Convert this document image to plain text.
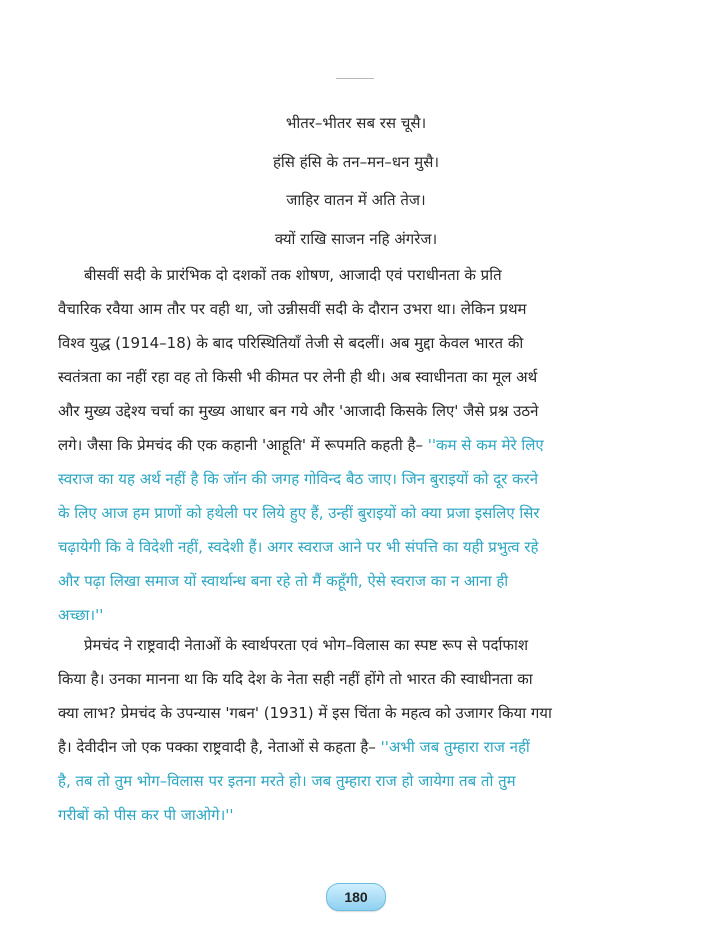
भीतर–भीतर सब रस चूसै।
हंसि हंसि के तन–मन–धन मुसै।
जाहिर वातन में अति तेज।
क्यों राखि साजन नहि अंगरेज।
बीसवीं सदी के प्रारंभिक दो दशकों तक शोषण, आजादी एवं पराधीनता के प्रति
वैचारिक रवैया आम तौर पर वही था, जो उन्नीसवीं सदी के दौरान उभरा था। लेकिन प्रथम
विश्व युद्ध (1914–18) के बाद परिस्थितियाँ तेजी से बदलीं। अब मुद्दा केवल भारत की
स्वतंत्रता का नहीं रहा वह तो किसी भी कीमत पर लेनी ही थी। अब स्वाधीनता का मूल अर्थ
और मुख्य उद्देश्य चर्चा का मुख्य आधार बन गये और 'आजादी किसके लिए' जैसे प्रश्न उठने
लगे। जैसा कि प्रेमचंद की एक कहानी 'आहूति' में रूपमति कहती है– ''कम से कम मेरे लिए
स्वराज का यह अर्थ नहीं है कि जॉन की जगह गोविन्द बैठ जाए। जिन बुराइयों को दूर करने
के लिए आज हम प्राणों को हथेली पर लिये हुए हैं, उन्हीं बुराइयों को क्या प्रजा इसलिए सिर
चढ़ायेगी कि वे विदेशी नहीं, स्वदेशी हैं। अगर स्वराज आने पर भी संपत्ति का यही प्रभुत्व रहे
और पढ़ा लिखा समाज यों स्वार्थान्ध बना रहे तो मैं कहूँगी, ऐसे स्वराज का न आना ही
अच्छा।''
प्रेमचंद ने राष्ट्रवादी नेताओं के स्वार्थपरता एवं भोग–विलास का स्पष्ट रूप से पर्दाफाश
किया है। उनका मानना था कि यदि देश के नेता सही नहीं होंगे तो भारत की स्वाधीनता का
क्या लाभ? प्रेमचंद के उपन्यास 'गबन' (1931) में इस चिंता के महत्व को उजागर किया गया
है। देवीदीन जो एक पक्का राष्ट्रवादी है, नेताओं से कहता है– ''अभी जब तुम्हारा राज नहीं
है, तब तो तुम भोग–विलास पर इतना मरते हो। जब तुम्हारा राज हो जायेगा तब तो तुम
गरीबों को पीस कर पी जाओगे।''
180
